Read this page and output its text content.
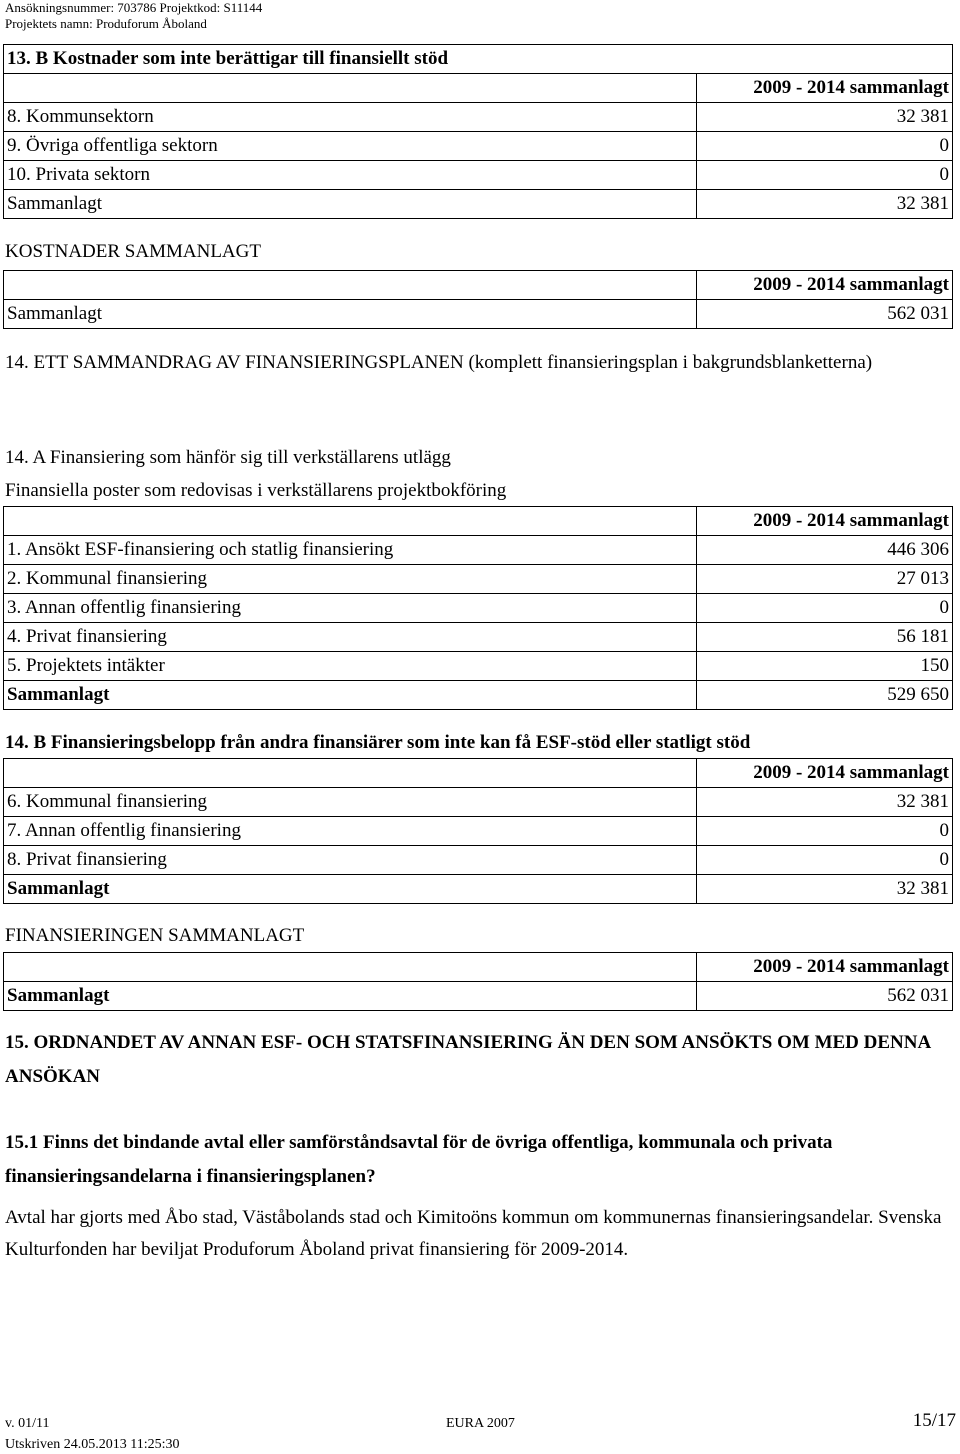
Ansökningsnummer: 703786 Projektkod: S11144
Projektets namn: Produforum Åboland
13. B Kostnader som inte berättigar till finansiellt stöd	
	2009 - 2014 sammanlagt
8. Kommunsektorn	32 381
9. Övriga offentliga sektorn	0
10. Privata sektorn	0
Sammanlagt	32 381
KOSTNADER SAMMANLAGT
	2009 - 2014 sammanlagt
Sammanlagt	562 031
14. ETT SAMMANDRAG AV FINANSIERINGSPLANEN (komplett finansieringsplan i bakgrundsblanketterna)
14. A Finansiering som hänför sig till verkställarens utlägg
Finansiella poster som redovisas i verkställarens projektbokföring
	2009 - 2014 sammanlagt
1. Ansökt ESF-finansiering och statlig finansiering	446 306
2. Kommunal finansiering	27 013
3. Annan offentlig finansiering	0
4. Privat finansiering	56 181
5. Projektets intäkter	150
Sammanlagt	529 650
14. B Finansieringsbelopp från andra finansiärer som inte kan få ESF-stöd eller statligt stöd
	2009 - 2014 sammanlagt
6. Kommunal finansiering	32 381
7. Annan offentlig finansiering	0
8. Privat finansiering	0
Sammanlagt	32 381
FINANSIERINGEN SAMMANLAGT
	2009 - 2014 sammanlagt
Sammanlagt	562 031
15. ORDNANDET AV ANNAN ESF- OCH STATSFINANSIERING ÄN DEN SOM ANSÖKTS OM MED DENNA ANSÖKAN
15.1 Finns det bindande avtal eller samförståndsavtal för de övriga offentliga, kommunala och privata finansieringsandelarna i finansieringsplanen?
Avtal har gjorts med Åbo stad, Väståbolands stad och Kimitoöns kommun om kommunernas finansieringsandelar. Svenska Kulturfonden har beviljat Produforum Åboland privat finansiering för 2009-2014.
v. 01/11	EURA 2007	15/17
Utskriven 24.05.2013 11:25:30
